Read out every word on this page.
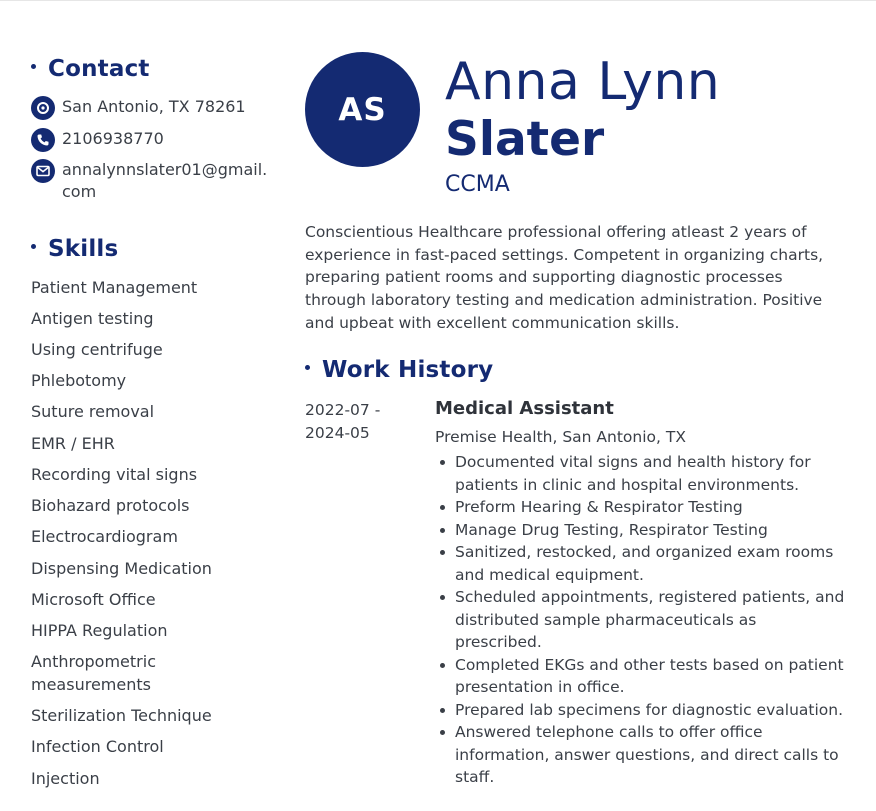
Contact
San Antonio, TX 78261
2106938770
annalynnslater01@gmail.
com
Skills
Patient Management
Antigen testing
Using centrifuge
Phlebotomy
Suture removal
EMR / EHR
Recording vital signs
Biohazard protocols
Electrocardiogram
Dispensing Medication
Microsoft Office
HIPPA Regulation
Anthropometric
measurements
Sterilization Technique
Infection Control
Injection
AS	Anna Lynn
Slater
CCMA
Conscientious Healthcare professional offering atleast 2 years of experience in fast-paced settings. Competent in organizing charts, preparing patient rooms and supporting diagnostic processes through laboratory testing and medication administration. Positive and upbeat with excellent communication skills.
Work History
2022-07 -
2024-05
Medical Assistant
Premise Health, San Antonio, TX
Documented vital signs and health history for patients in clinic and hospital environments.
Preform Hearing & Respirator Testing
Manage Drug Testing, Respirator Testing
Sanitized, restocked, and organized exam rooms and medical equipment.
Scheduled appointments, registered patients, and distributed sample pharmaceuticals as prescribed.
Completed EKGs and other tests based on patient presentation in office.
Prepared lab specimens for diagnostic evaluation.
Answered telephone calls to offer office information, answer questions, and direct calls to staff.
